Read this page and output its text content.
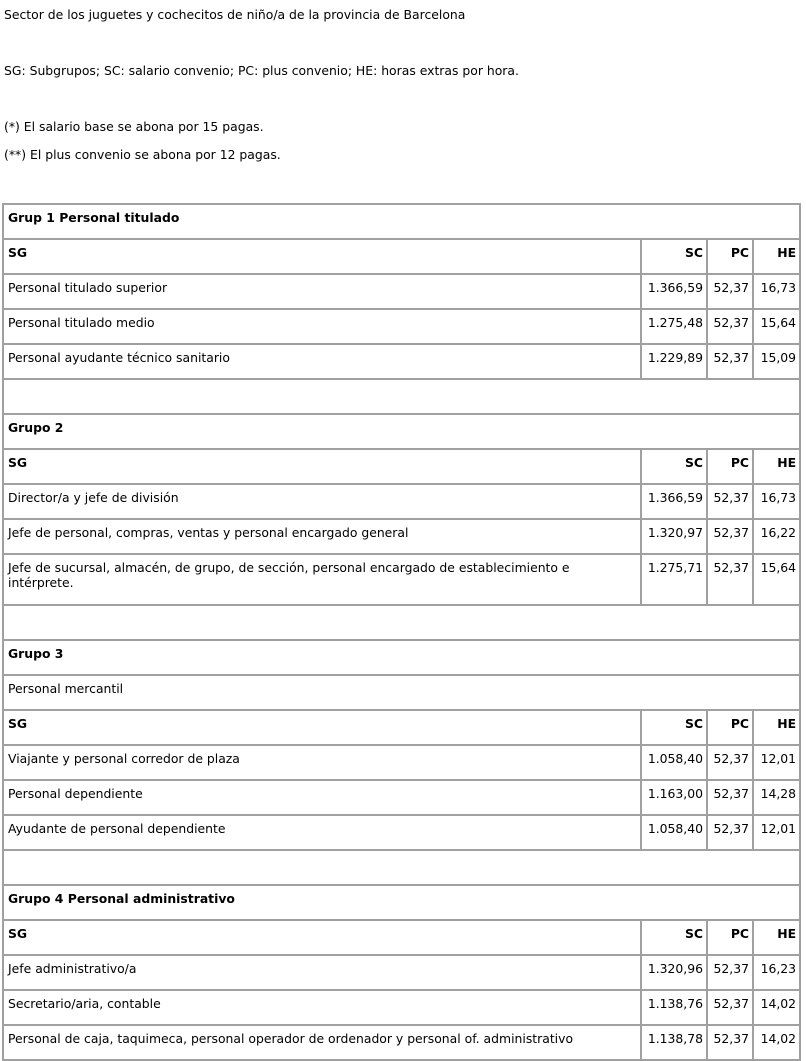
Sector de los juguetes y cochecitos de niño/a de la provincia de Barcelona

SG: Subgrupos; SC: salario convenio; PC: plus convenio; HE: horas extras por hora.

(*) El salario base se abona por 15 pagas.

(**) El plus convenio se abona por 12 pagas.

Grup 1 Personal titulado			
SG	SC	PC	HE
Personal titulado superior	1.366,59	52,37	16,73
Personal titulado medio	1.275,48	52,37	15,64
Personal ayudante técnico sanitario	1.229,89	52,37	15,09

Grupo 2			
SG	SC	PC	HE
Director/a y jefe de división	1.366,59	52,37	16,73
Jefe de personal, compras, ventas y personal encargado general	1.320,97	52,37	16,22
Jefe de sucursal, almacén, de grupo, de sección, personal encargado de establecimiento e intérprete.	1.275,71	52,37	15,64

Grupo 3			
Personal mercantil			
SG	SC	PC	HE
Viajante y personal corredor de plaza	1.058,40	52,37	12,01
Personal dependiente	1.163,00	52,37	14,28
Ayudante de personal dependiente	1.058,40	52,37	12,01

Grupo 4 Personal administrativo			
SG	SC	PC	HE
Jefe administrativo/a	1.320,96	52,37	16,23
Secretario/aria, contable	1.138,76	52,37	14,02
Personal de caja, taquimeca, personal operador de ordenador y personal of. administrativo	1.138,78	52,37	14,02
